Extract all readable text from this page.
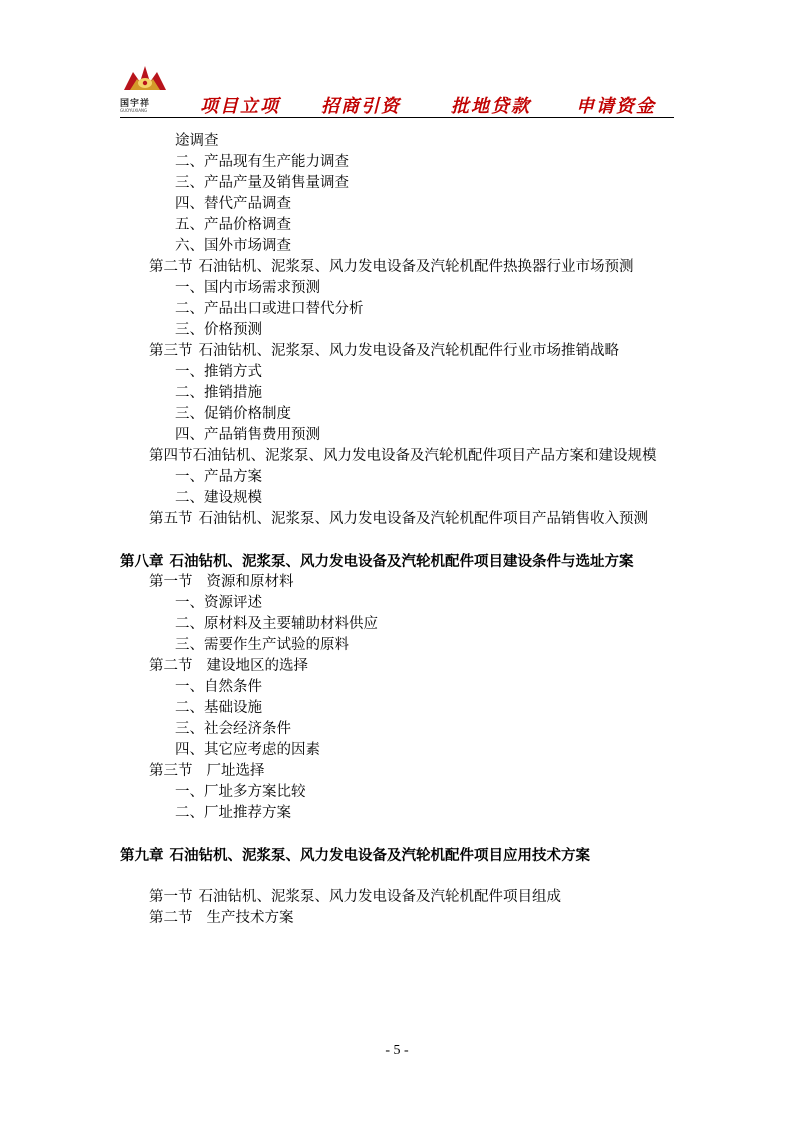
国宇祥
GUOYUXIANG	项目立项 招商引资	批地贷款	申请资金
途调查
二、产品现有生产能力调查
三、产品产量及销售量调查
四、替代产品调查
五、产品价格调查
六、国外市场调查
第二节 石油钻机、泥浆泵、风力发电设备及汽轮机配件热换器行业市场预测
一、国内市场需求预测
二、产品出口或进口替代分析
三、价格预测
第三节 石油钻机、泥浆泵、风力发电设备及汽轮机配件行业市场推销战略
一、推销方式
二、推销措施
三、促销价格制度
四、产品销售费用预测
第四节石油钻机、泥浆泵、风力发电设备及汽轮机配件项目产品方案和建设规模
一、产品方案
二、建设规模
第五节 石油钻机、泥浆泵、风力发电设备及汽轮机配件项目产品销售收入预测
第八章 石油钻机、泥浆泵、风力发电设备及汽轮机配件项目建设条件与选址方案
第一节 资源和原材料
一、资源评述
二、原材料及主要辅助材料供应
三、需要作生产试验的原料
第二节 建设地区的选择
一、自然条件
二、基础设施
三、社会经济条件
四、其它应考虑的因素
第三节 厂址选择
一、厂址多方案比较
二、厂址推荐方案
第九章 石油钻机、泥浆泵、风力发电设备及汽轮机配件项目应用技术方案
第一节 石油钻机、泥浆泵、风力发电设备及汽轮机配件项目组成
第二节 生产技术方案
- 5 -
